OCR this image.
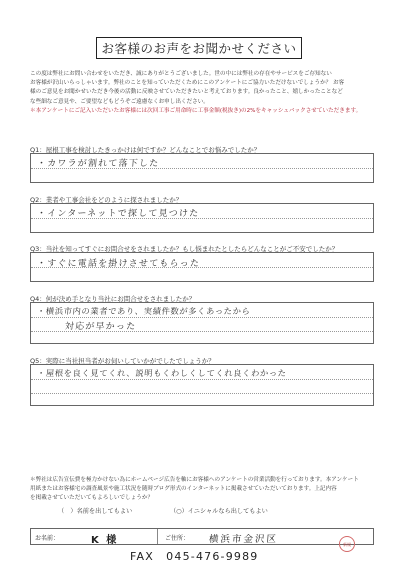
お客様のお声をお聞かせください

この度は弊社にお問い合わせをいただき、誠にありがとうございました。世の中には弊社の存在やサービスをご存知ない

お客様が沢山いらっしゃいます。弊社のことを知っていただくためにこのアンケートにご協力いただけないでしょうか？ お客

様のご意見をお聞かせいただき今後の活動に反映させていただきたいと考えております。良かったこと、嬉しかったことなど

な些細なご意見や、ご要望などもどうぞご遠慮なくお申し出ください。

＊本アンケートにご記入いただいたお客様には次回工事ご用命時に工事金額(税抜き)の2%をキャッシュバックさせていただきます。

Q1：屋根工事を検討したきっかけは何ですか？どんなことでお悩みでしたか？
・カワラが割れて落下した
Q2：業者や工事会社をどのように探されましたか？
・インターネットで探して見つけた
Q3：当社を知ってすぐにお問合せをされましたか？もし悩まれたとしたらどんなことがご不安でしたか？
・すぐに電話を掛けさせてもらった
Q4：何が決め手となり当社にお問合せをされましたか？
・横浜市内の業者であり、実績件数が多くあったから
対応が早かった
Q5：実際に当社担当者がお伺いしていかがでしたでしょうか？
・屋根を良く見てくれ、説明もくわしくしてくれ良くわかった

＊弊社は広告宣伝費を極力かけない為にホームページ広告を軸にお客様へのアンケートの営業活動を行っております。本アンケート

用紙またはお客様宅の調査風景や施工状況を随時ブログ形式のインターネットに掲載させていただいております。上記内容

を掲載させていただいてもよろしいでしょうか？

（　）名前を出してもよい	（○）イニシャルなら出してもよい
お名前：	K 様	ご住所： 横浜市金沢区	新規
FAX　045-476-9989
